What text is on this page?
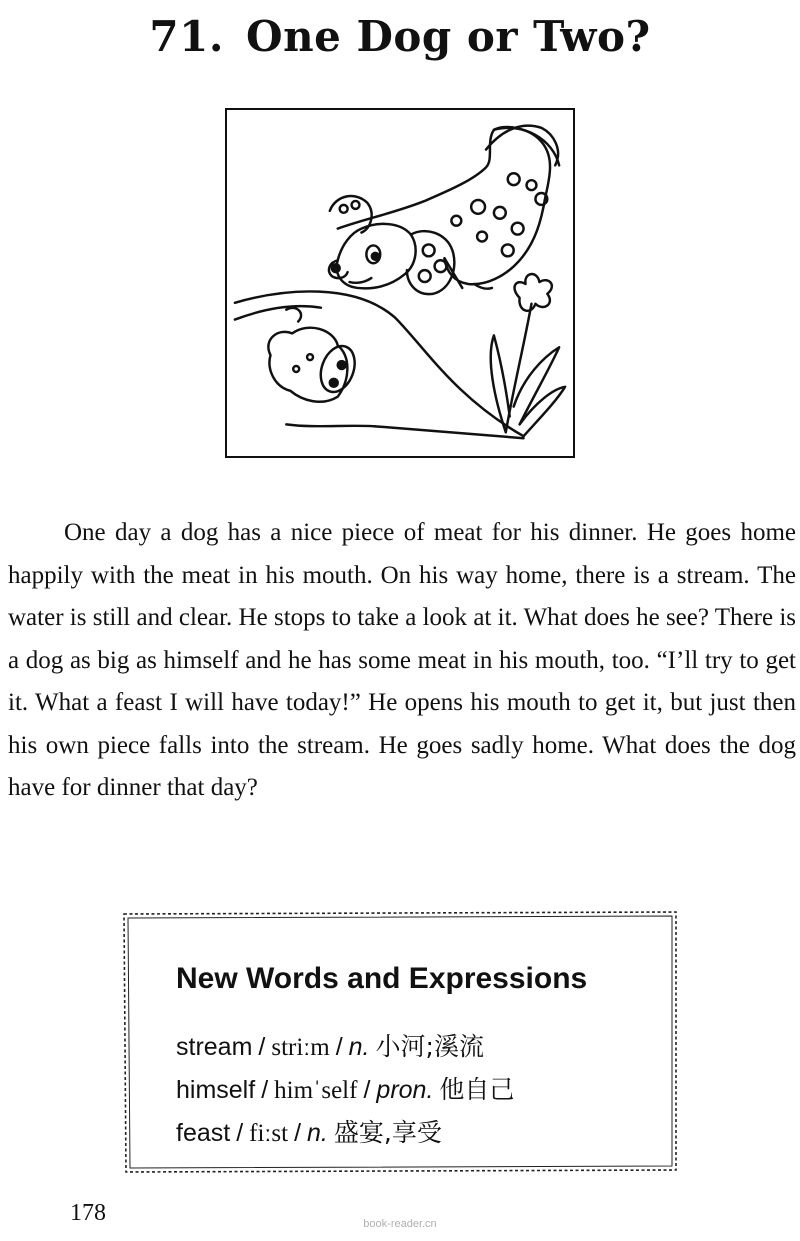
71. One Dog or Two?

One day a dog has a nice piece of meat for his dinner. He goes home happily with the meat in his mouth. On his way home, there is a stream. The water is still and clear. He stops to take a look at it. What does he see? There is a dog as big as himself and he has some meat in his mouth, too. “I’ll try to get it. What a feast I will have today!” He opens his mouth to get it, but just then his own piece falls into the stream. He goes sadly home. What does the dog have for dinner that day?

New Words and Expressions
stream / striːm / n. 小河;溪流
himself / himˈself / pron. 他自己
feast / fiːst / n. 盛宴,享受
178	book-reader.cn
